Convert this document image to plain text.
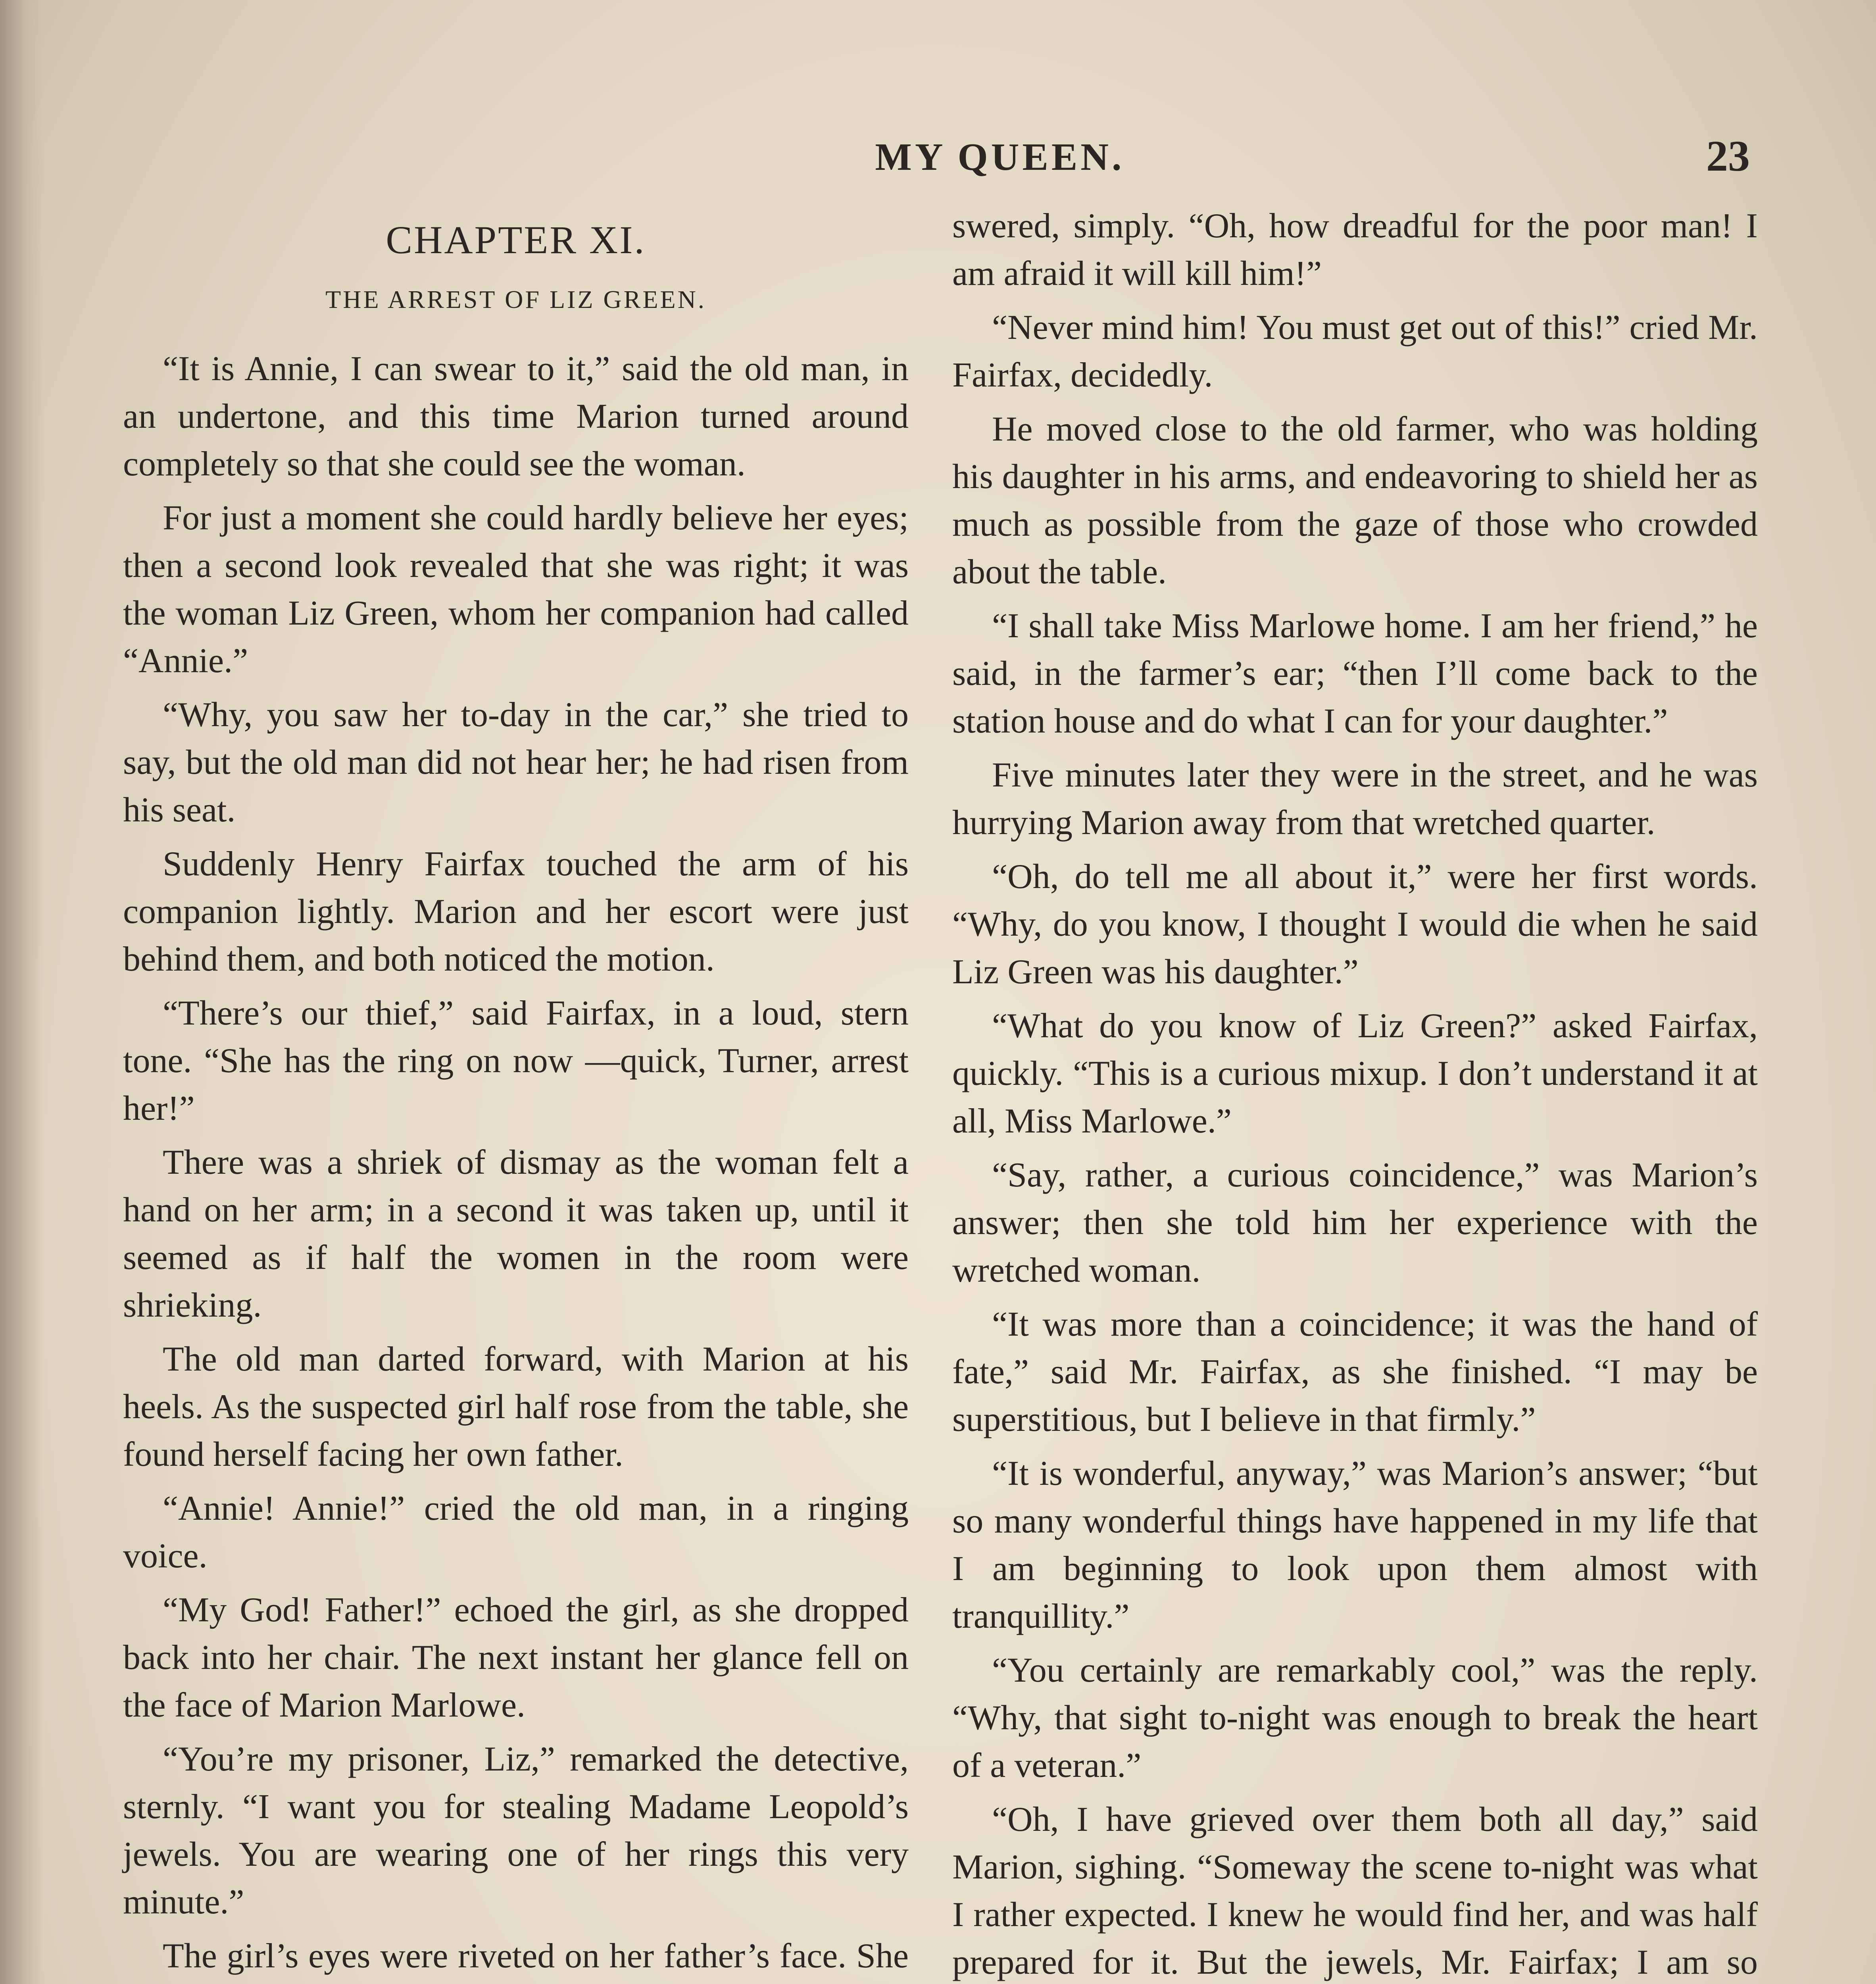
MY QUEEN.	23
CHAPTER XI.
THE ARREST OF LIZ GREEN.

“It is Annie, I can swear to it,” said the old man, in an undertone, and this time Marion turned around completely so that she could see the woman.

For just a moment she could hardly believe her eyes; then a second look revealed that she was right; it was the woman Liz Green, whom her companion had called “Annie.”

“Why, you saw her to-day in the car,” she tried to say, but the old man did not hear her; he had risen from his seat.

Suddenly Henry Fairfax touched the arm of his companion lightly. Marion and her escort were just behind them, and both noticed the motion.

“There’s our thief,” said Fairfax, in a loud, stern tone. “She has the ring on now —quick, Turner, arrest her!”

There was a shriek of dismay as the woman felt a hand on her arm; in a second it was taken up, until it seemed as if half the women in the room were shrieking.

The old man darted forward, with Marion at his heels. As the suspected girl half rose from the table, she found herself facing her own father.

“Annie! Annie!” cried the old man, in a ringing voice.

“My God! Father!” echoed the girl, as she dropped back into her chair. The next instant her glance fell on the face of Marion Marlowe.

“You’re my prisoner, Liz,” remarked the detective, sternly. “I want you for stealing Madame Leopold’s jewels. You are wearing one of her rings this very minute.”

The girl’s eyes were riveted on her father’s face. She

swered, simply. “Oh, how dreadful for the poor man! I am afraid it will kill him!”

“Never mind him! You must get out of this!” cried Mr. Fairfax, decidedly.

He moved close to the old farmer, who was holding his daughter in his arms, and endeavoring to shield her as much as possible from the gaze of those who crowded about the table.

“I shall take Miss Marlowe home. I am her friend,” he said, in the farmer’s ear; “then I’ll come back to the station house and do what I can for your daughter.”

Five minutes later they were in the street, and he was hurrying Marion away from that wretched quarter.

“Oh, do tell me all about it,” were her first words. “Why, do you know, I thought I would die when he said Liz Green was his daughter.”

“What do you know of Liz Green?” asked Fairfax, quickly. “This is a curious mixup. I don’t understand it at all, Miss Marlowe.”

“Say, rather, a curious coincidence,” was Marion’s answer; then she told him her experience with the wretched woman.

“It was more than a coincidence; it was the hand of fate,” said Mr. Fairfax, as she finished. “I may be superstitious, but I believe in that firmly.”

“It is wonderful, anyway,” was Marion’s answer; “but so many wonderful things have happened in my life that I am beginning to look upon them almost with tranquillity.”

“You certainly are remarkably cool,” was the reply. “Why, that sight to-night was enough to break the heart of a veteran.”

“Oh, I have grieved over them both all day,” said Marion, sighing. “Someway the scene to-night was what I rather expected. I knew he would find her, and was half prepared for it. But the jewels, Mr. Fairfax; I am so
